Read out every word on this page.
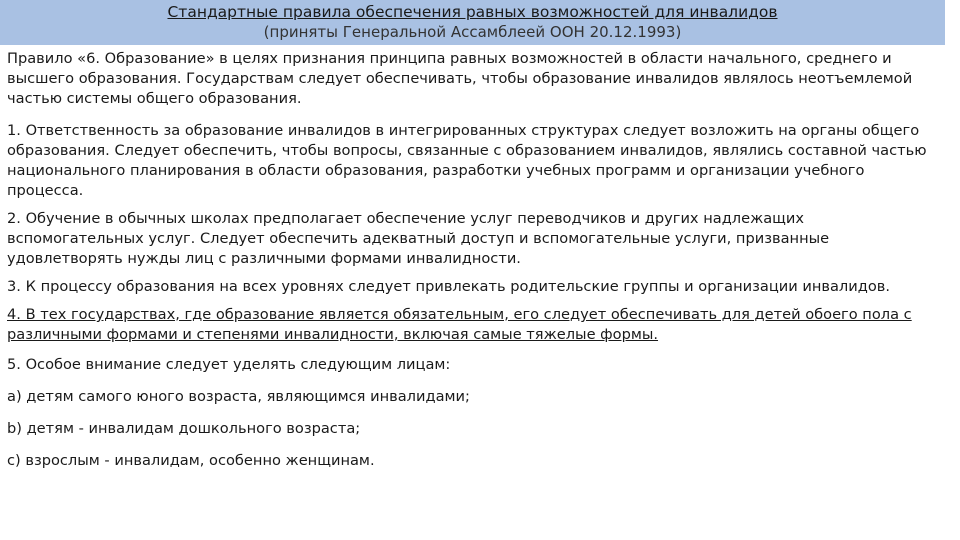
Стандартные правила обеспечения равных возможностей для инвалидов
(приняты Генеральной Ассамблеей ООН 20.12.1993)

Правило «6. Образование» в целях признания принципа равных возможностей в области начального, среднего и высшего образования. Государствам следует обеспечивать, чтобы образование инвалидов являлось неотъемлемой частью системы общего образования.

1. Ответственность за образование инвалидов в интегрированных структурах следует возложить на органы общего образования. Следует обеспечить, чтобы вопросы, связанные с образованием инвалидов, являлись составной частью национального планирования в области образования, разработки учебных программ и организации учебного процесса.

2. Обучение в обычных школах предполагает обеспечение услуг переводчиков и других надлежащих вспомогательных услуг. Следует обеспечить адекватный доступ и вспомогательные услуги, призванные удовлетворять нужды лиц с различными формами инвалидности.

3. К процессу образования на всех уровнях следует привлекать родительские группы и организации инвалидов.

4. В тех государствах, где образование является обязательным, его следует обеспечивать для детей обоего пола с различными формами и степенями инвалидности, включая самые тяжелые формы.

5. Особое внимание следует уделять следующим лицам:

a) детям самого юного возраста, являющимся инвалидами;

b) детям - инвалидам дошкольного возраста;

c) взрослым - инвалидам, особенно женщинам.
